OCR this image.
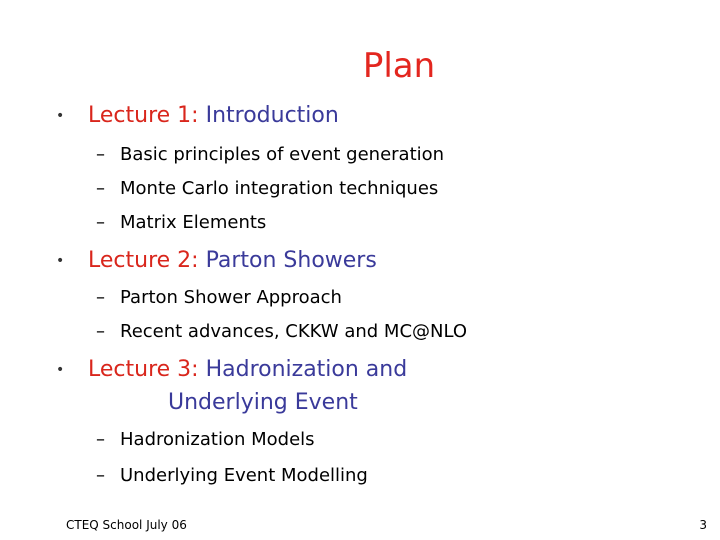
Plan
• Lecture 1: Introduction
– Basic principles of event generation
– Monte Carlo integration techniques
– Matrix Elements
• Lecture 2: Parton Showers
– Parton Shower Approach
– Recent advances, CKKW and MC@NLO
• Lecture 3: Hadronization and
Underlying Event
– Hadronization Models
– Underlying Event Modelling
CTEQ School July 06	3
